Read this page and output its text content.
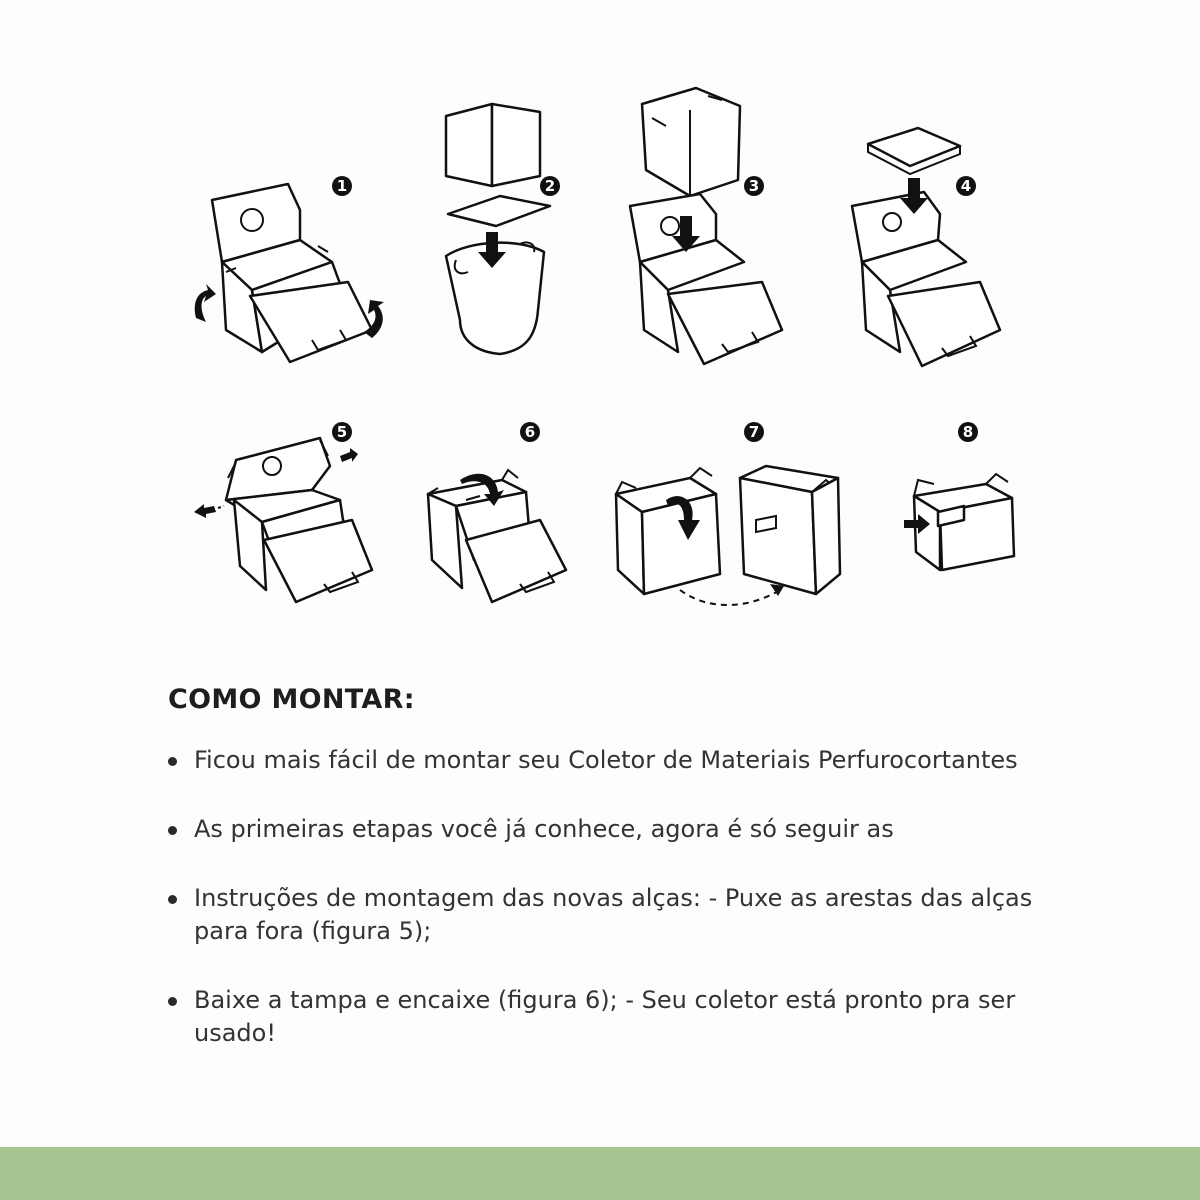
1	2	3	4
5	6	7	8
COMO MONTAR:
Ficou mais fácil de montar seu Coletor de Materiais Perfurocortantes
As primeiras etapas você já conhece, agora é só seguir as
Instruções de montagem das novas alças: - Puxe as arestas das alças para fora (figura 5);
Baixe a tampa e encaixe (figura 6); - Seu coletor está pronto pra ser usado!
